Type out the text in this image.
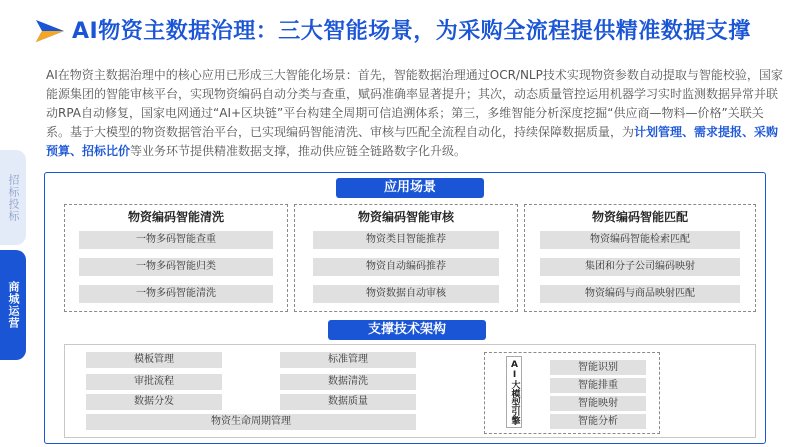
AI物资主数据治理：三大智能场景，为采购全流程提供精准数据支撑
AI在物资主数据治理中的核心应用已形成三大智能化场景：首先，智能数据治理通过OCR/NLP技术实现物资参数自动提取与智能校验，国家能源集团的智能审核平台，实现物资编码自动分类与查重，赋码准确率显著提升；其次，动态质量管控运用机器学习实时监测数据异常并联动RPA自动修复，国家电网通过“AI+区块链”平台构建全周期可信追溯体系；第三，多维智能分析深度挖掘“供应商—物料—价格”关联关系。基于大模型的物资数据管治平台，已实现编码智能清洗、审核与匹配全流程自动化，持续保障数据质量，为计划管理、需求提报、采购预算、招标比价等业务环节提供精准数据支撑，推动供应链全链路数字化升级。
招标投标
商城运营
应用场景
物资编码智能清洗
一物多码智能查重
一物多码智能归类
一物多码智能清洗
物资编码智能审核
物资类目智能推荐
物资自动编码推荐
物资数据自动审核
物资编码智能匹配
物资编码智能检索匹配
集团和分子公司编码映射
物资编码与商品映射匹配
支撑技术架构
模板管理	标准管理
审批流程	数据清洗
数据分发	数据质量
物资生命周期管理	AI大模型引擎	智能识别
智能排重
智能映射
智能分析
